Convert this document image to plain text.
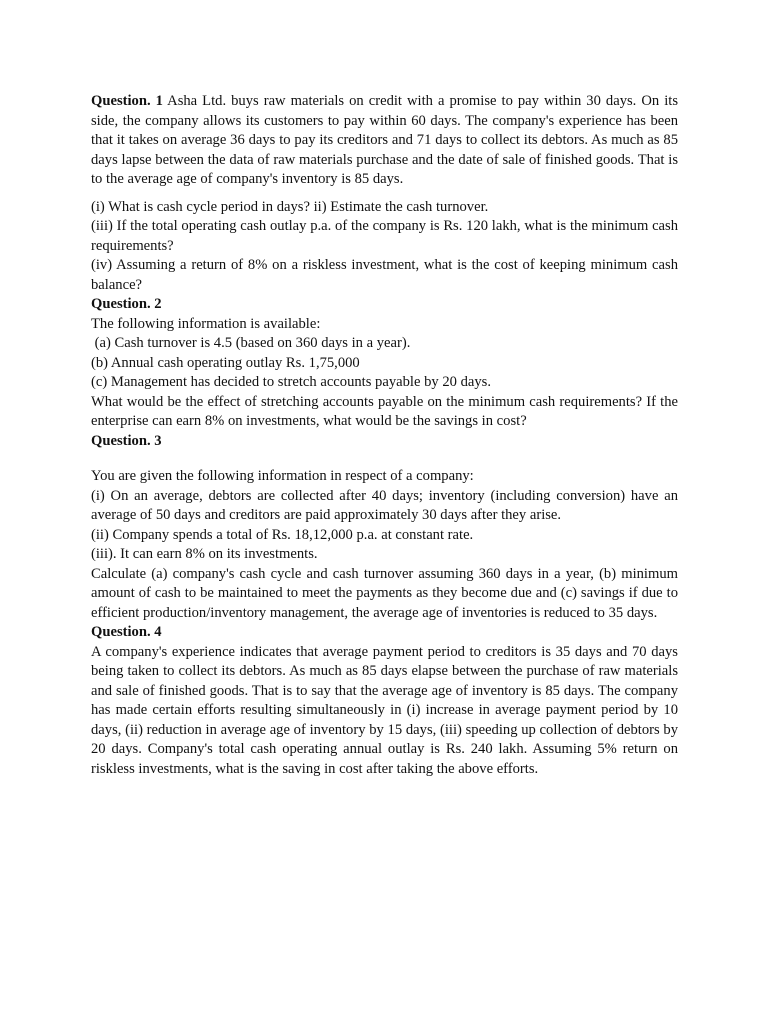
Question. 1 Asha Ltd. buys raw materials on credit with a promise to pay within 30 days. On its side, the company allows its customers to pay within 60 days. The company's experience has been that it takes on average 36 days to pay its creditors and 71 days to collect its debtors. As much as 85 days lapse between the data of raw materials purchase and the date of sale of finished goods. That is to the average age of company's inventory is 85 days.

(i) What is cash cycle period in days? ii) Estimate the cash turnover.

(iii) If the total operating cash outlay p.a. of the company is Rs. 120 lakh, what is the minimum cash requirements?

(iv) Assuming a return of 8% on a riskless investment, what is the cost of keeping minimum cash balance?

Question. 2

The following information is available:

(a) Cash turnover is 4.5 (based on 360 days in a year).

(b) Annual cash operating outlay Rs. 1,75,000

(c) Management has decided to stretch accounts payable by 20 days.

What would be the effect of stretching accounts payable on the minimum cash requirements? If the enterprise can earn 8% on investments, what would be the savings in cost?

Question. 3

You are given the following information in respect of a company:

(i) On an average, debtors are collected after 40 days; inventory (including conversion) have an average of 50 days and creditors are paid approximately 30 days after they arise.

(ii) Company spends a total of Rs. 18,12,000 p.a. at constant rate.

(iii). It can earn 8% on its investments.

Calculate (a) company's cash cycle and cash turnover assuming 360 days in a year, (b) minimum amount of cash to be maintained to meet the payments as they become due and (c) savings if due to efficient production/inventory management, the average age of inventories is reduced to 35 days.

Question. 4

A company's experience indicates that average payment period to creditors is 35 days and 70 days being taken to collect its debtors. As much as 85 days elapse between the purchase of raw materials and sale of finished goods. That is to say that the average age of inventory is 85 days. The company has made certain efforts resulting simultaneously in (i) increase in average payment period by 10 days, (ii) reduction in average age of inventory by 15 days, (iii) speeding up collection of debtors by 20 days. Company's total cash operating annual outlay is Rs. 240 lakh. Assuming 5% return on riskless investments, what is the saving in cost after taking the above efforts.
